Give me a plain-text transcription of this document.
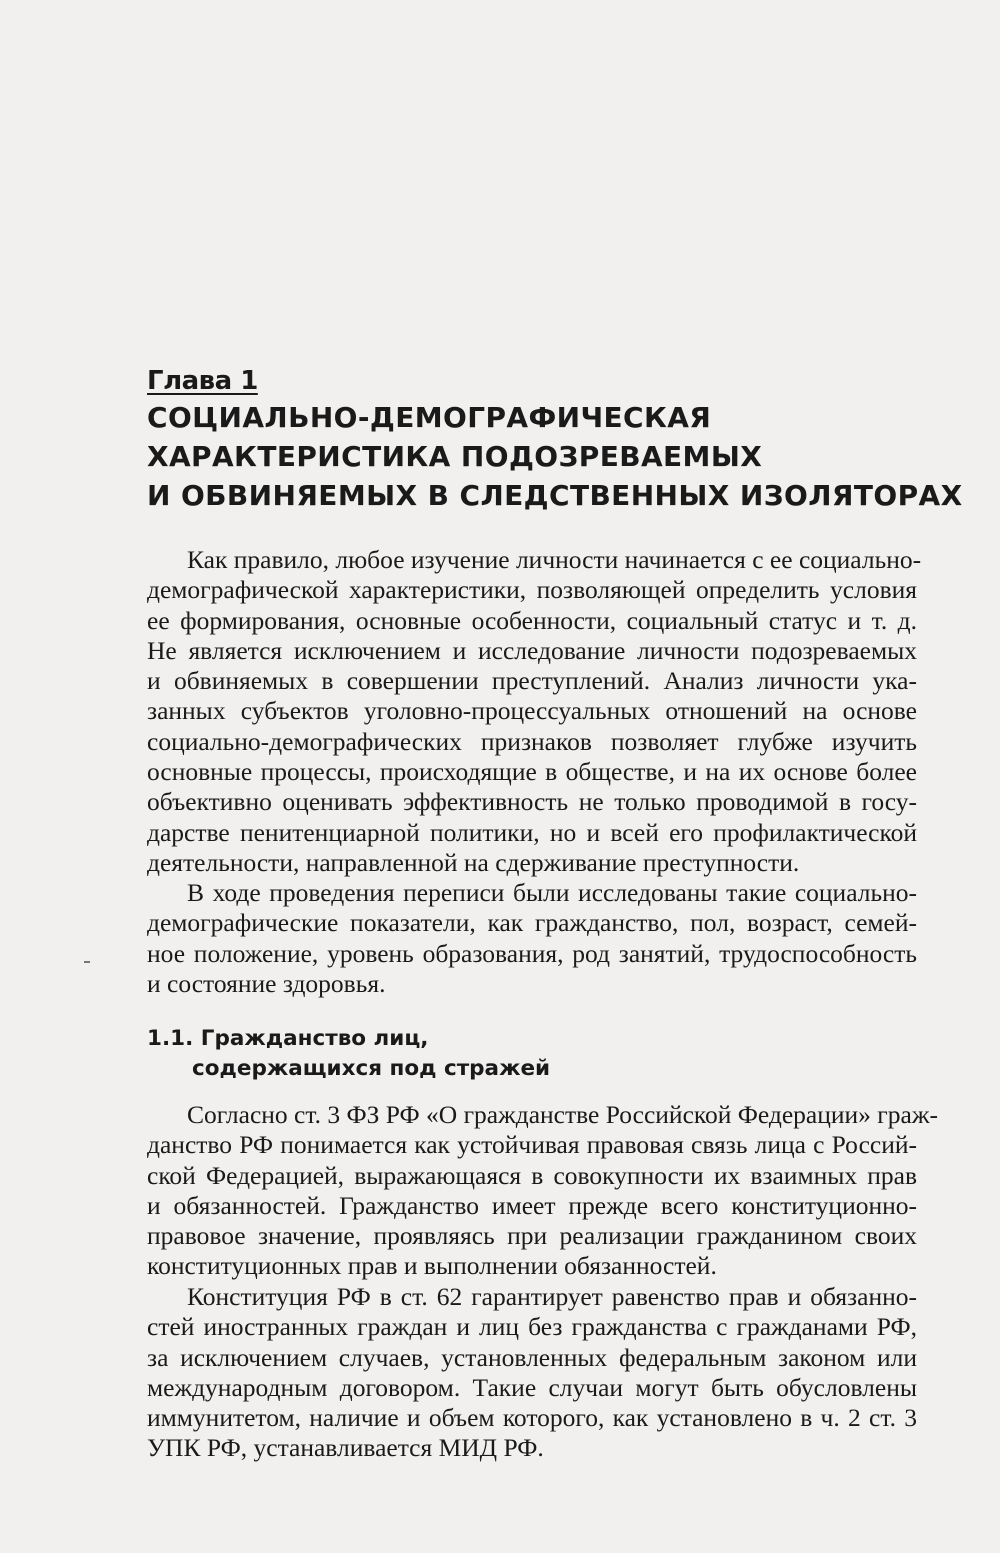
Глава 1
СОЦИАЛЬНО-ДЕМОГРАФИЧЕСКАЯ
ХАРАКТЕРИСТИКА ПОДОЗРЕВАЕМЫХ
И ОБВИНЯЕМЫХ В СЛЕДСТВЕННЫХ ИЗОЛЯТОРАХ
Как правило, любое изучение личности начинается с ее социально-
демографической характеристики, позволяющей определить условия
ее формирования, основные особенности, социальный статус и т. д.
Не является исключением и исследование личности подозреваемых
и обвиняемых в совершении преступлений. Анализ личности ука-
занных субъектов уголовно-процессуальных отношений на основе
социально-демографических признаков позволяет глубже изучить
основные процессы, происходящие в обществе, и на их основе более
объективно оценивать эффективность не только проводимой в госу-
дарстве пенитенциарной политики, но и всей его профилактической
деятельности, направленной на сдерживание преступности.
В ходе проведения переписи были исследованы такие социально-
демографические показатели, как гражданство, пол, возраст, семей-
ное положение, уровень образования, род занятий, трудоспособность
и состояние здоровья.
1.1. Гражданство лиц,
содержащихся под стражей
Согласно ст. 3 ФЗ РФ «О гражданстве Российской Федерации» граж-
данство РФ понимается как устойчивая правовая связь лица с Россий-
ской Федерацией, выражающаяся в совокупности их взаимных прав
и обязанностей. Гражданство имеет прежде всего конституционно-
правовое значение, проявляясь при реализации гражданином своих
конституционных прав и выполнении обязанностей.
Конституция РФ в ст. 62 гарантирует равенство прав и обязанно-
стей иностранных граждан и лиц без гражданства с гражданами РФ,
за исключением случаев, установленных федеральным законом или
международным договором. Такие случаи могут быть обусловлены
иммунитетом, наличие и объем которого, как установлено в ч. 2 ст. 3
УПК РФ, устанавливается МИД РФ.
